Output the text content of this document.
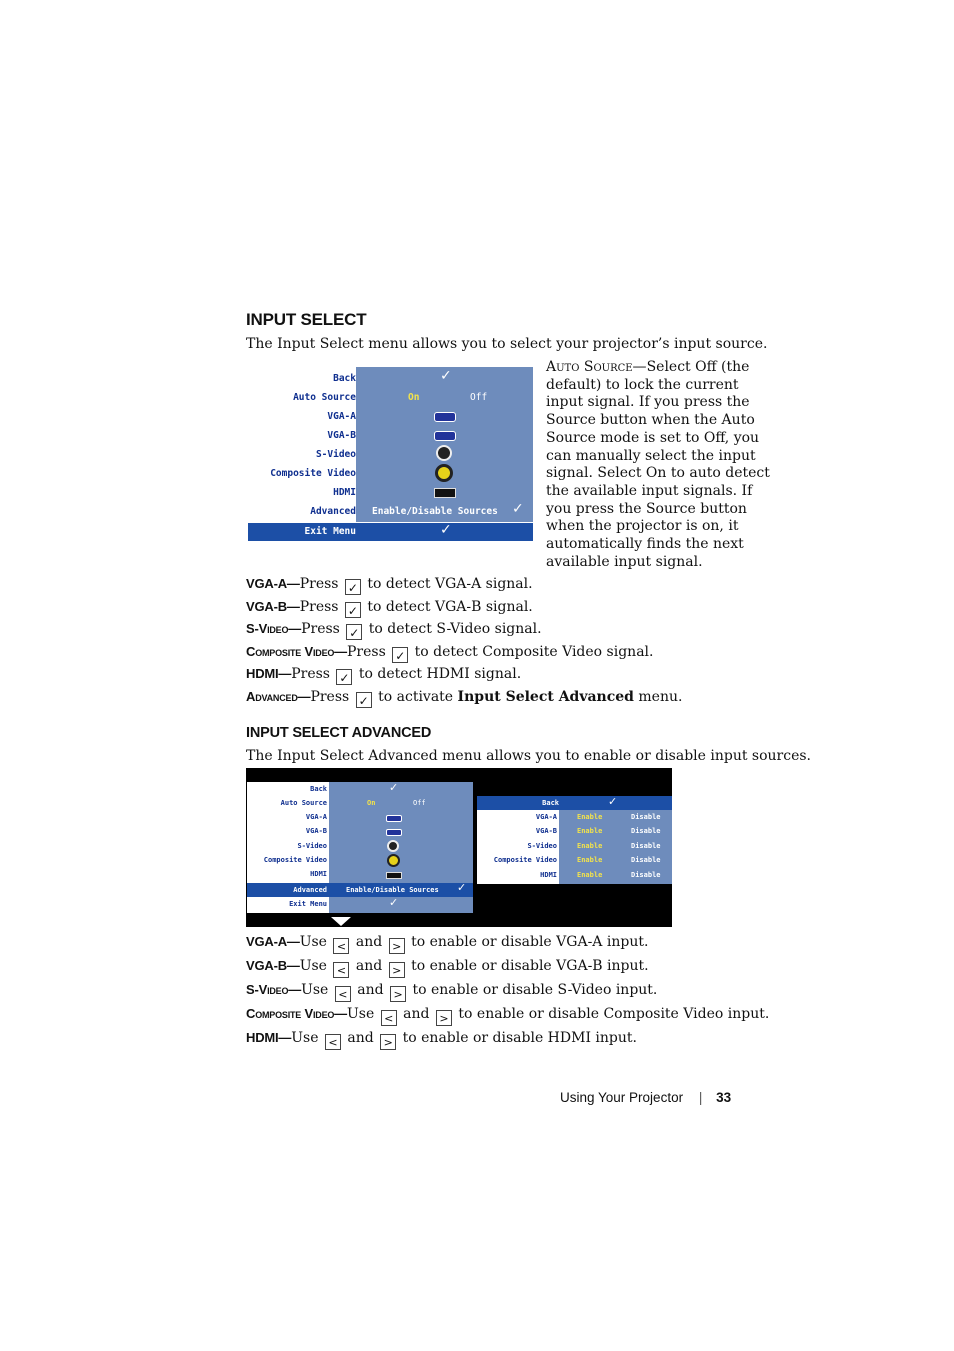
INPUT SELECT
The Input Select menu allows you to select your projector’s input source.
Back	✓
Auto Source	On	Off
VGA-A
VGA-B
S-Video
Composite Video
HDMI
Advanced Enable/Disable Sources ✓
Exit Menu	✓
Auto Source—Select Off (the
default) to lock the current
input signal. If you press the
Source button when the Auto
Source mode is set to Off, you
can manually select the input
signal. Select On to auto detect
the available input signals. If
you press the Source button
when the projector is on, it
automatically finds the next
available input signal.
VGA-A—Press ✓ to detect VGA-A signal.
VGA-B—Press ✓ to detect VGA-B signal.
S-Video—Press ✓ to detect S-Video signal.
Composite Video—Press ✓ to detect Composite Video signal.
HDMI—Press ✓ to detect HDMI signal.
Advanced—Press ✓ to activate Input Select Advanced menu.
INPUT SELECT ADVANCED
The Input Select Advanced menu allows you to enable or disable input sources.
Back	✓
Auto Source	On	Off
VGA-A
VGA-B
S-Video
Composite Video
HDMI
Advanced	Enable/Disable Sources ✓
Exit Menu	✓
Back	✓
VGA-A	Enable	Disable
VGA-B	Enable	Disable
S-Video	Enable	Disable
Composite Video	Enable	Disable
HDMI	Enable	Disable
VGA-A—Use < and > to enable or disable VGA-A input.
VGA-B—Use < and > to enable or disable VGA-B input.
S-Video—Use < and > to enable or disable S-Video input.
Composite Video—Use < and > to enable or disable Composite Video input.
HDMI—Use < and > to enable or disable HDMI input.
Using Your Projector | 33
